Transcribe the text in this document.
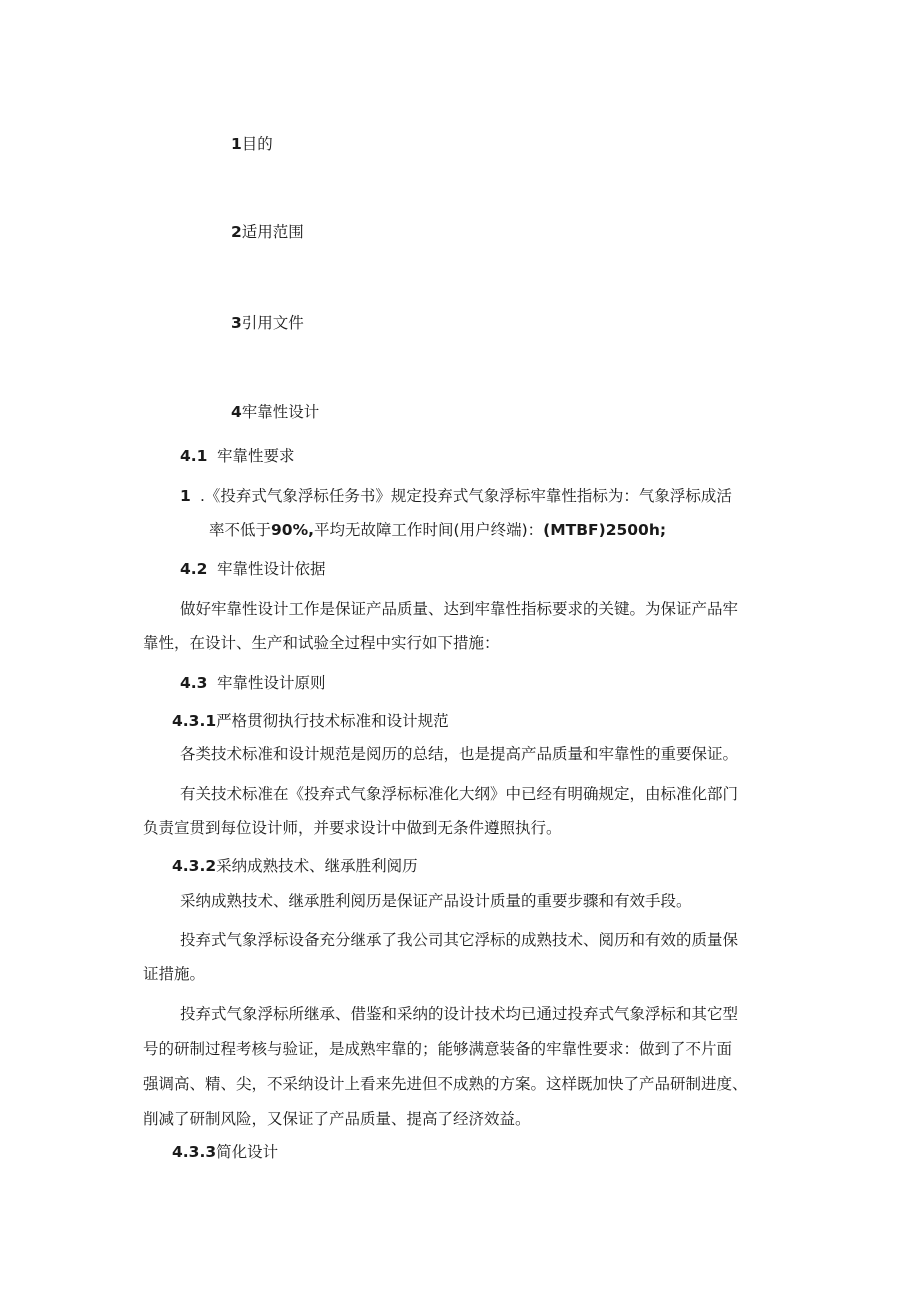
1目的
2适用范围
3引用文件
4牢靠性设计
4.1 牢靠性要求
1 .《投弃式气象浮标任务书》规定投弃式气象浮标牢靠性指标为：气象浮标成活
率不低于90%,平均无故障工作时间(用户终端)：(MTBF)2500h;
4.2 牢靠性设计依据
做好牢靠性设计工作是保证产品质量、达到牢靠性指标要求的关键。为保证产品牢
靠性，在设计、生产和试验全过程中实行如下措施：
4.3 牢靠性设计原则
4.3.1严格贯彻执行技术标准和设计规范
各类技术标准和设计规范是阅历的总结，也是提高产品质量和牢靠性的重要保证。
有关技术标准在《投弃式气象浮标标准化大纲》中已经有明确规定，由标准化部门
负责宣贯到每位设计师，并要求设计中做到无条件遵照执行。
4.3.2采纳成熟技术、继承胜利阅历
采纳成熟技术、继承胜利阅历是保证产品设计质量的重要步骤和有效手段。
投弃式气象浮标设备充分继承了我公司其它浮标的成熟技术、阅历和有效的质量保
证措施。
投弃式气象浮标所继承、借鉴和采纳的设计技术均已通过投弃式气象浮标和其它型
号的研制过程考核与验证，是成熟牢靠的；能够满意装备的牢靠性要求：做到了不片面
强调高、精、尖，不采纳设计上看来先进但不成熟的方案。这样既加快了产品研制进度、
削减了研制风险，又保证了产品质量、提高了经济效益。
4.3.3简化设计
